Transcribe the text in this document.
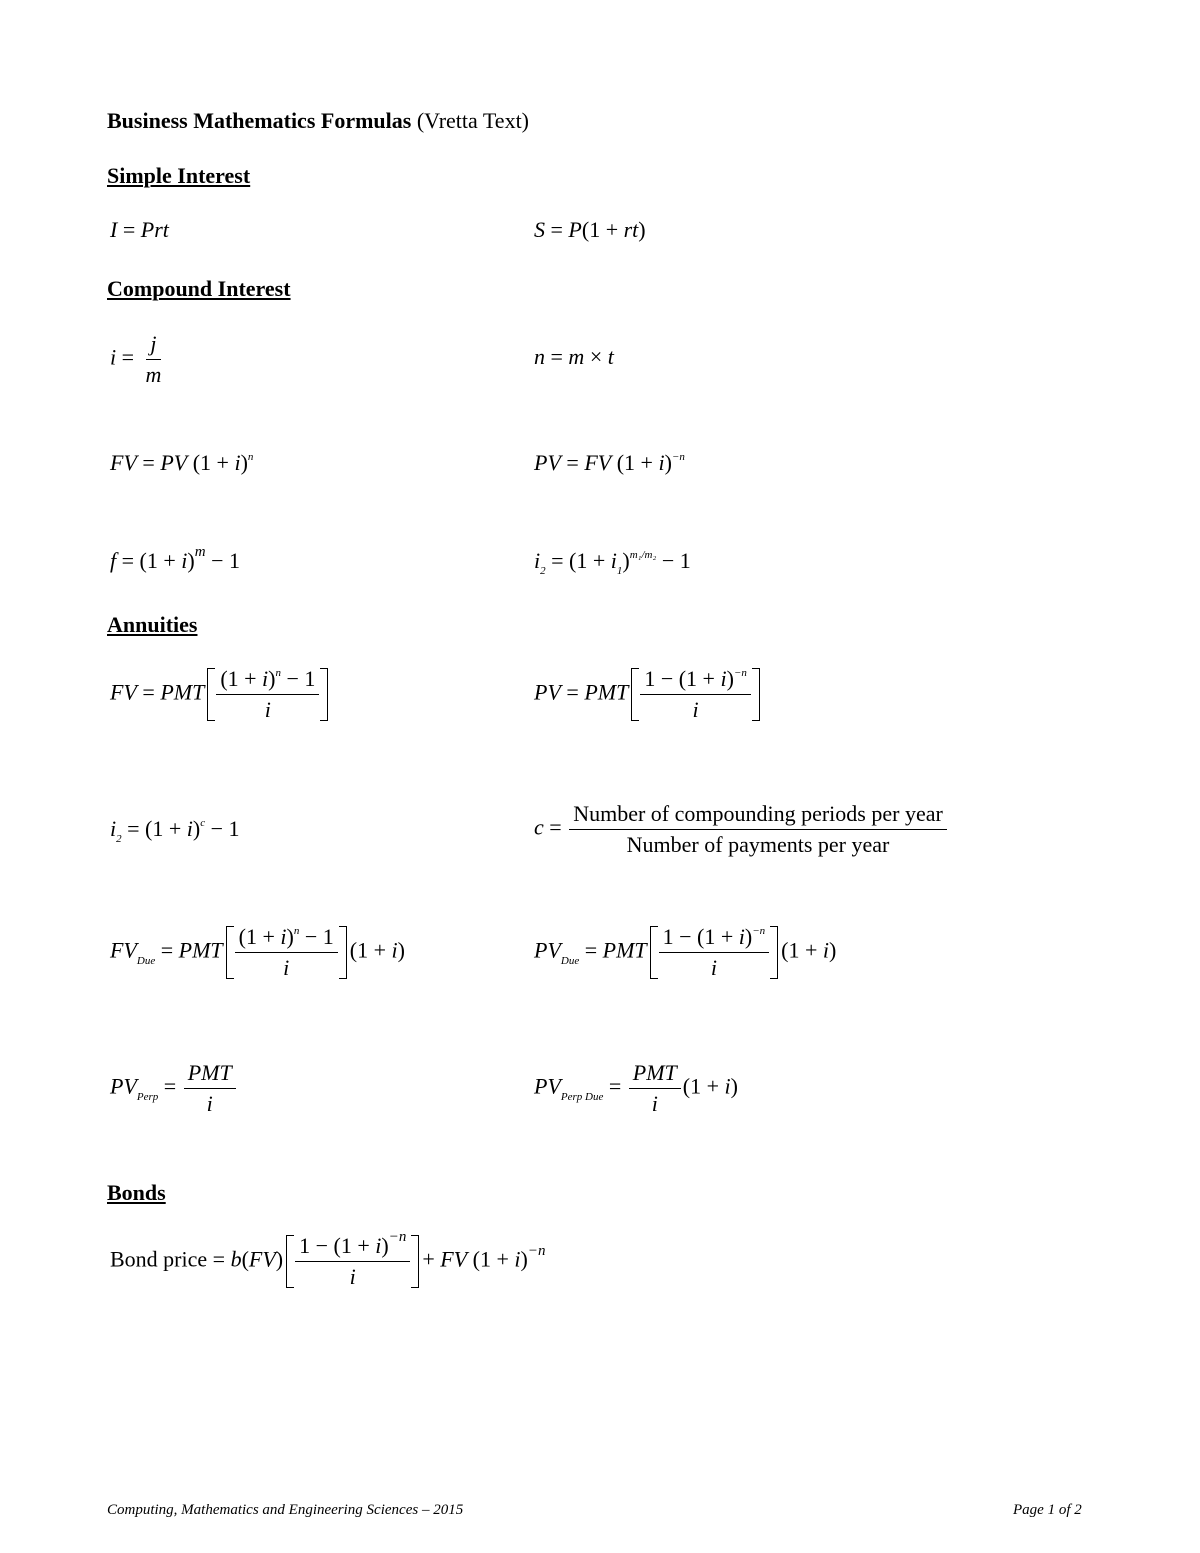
Business Mathematics Formulas (Vretta Text)
Simple Interest
I = Prt	S = P(1 + rt)
Compound Interest
$i = \frac{j}{m}$	n = m × t
FV = PV $(1 + i)^n$	PV = FV $(1 + i)^{-n}$
$f = (1 + i)^m - 1$	$i_2 = (1 + i_1)^{m_1/m_2} - 1$
Annuities
FV = PMT $\frac{(1 + i)^n - 1}{i}$	PV = PMT $\frac{1 - (1 + i)^{-n}}{i}$
$i_2 = (1 + i)^c - 1$	$c = \frac{\text{Number of compounding periods per year}}{\text{Number of payments per year}}$
$FV_{Due}$ = PMT $\frac{(1 + i)^n - 1}{i} (1 + i)$	$PV_{Due}$ = PMT $\frac{1 - (1 + i)^{-n}}{i} (1 + i)$
$PV_{Perp} = \frac{\text{PMT}}{i}$	$PV_{Perp Due} = \frac{\text{PMT}}{i} (1 + i)$
Bonds
Bond price = $b(FV) \frac{1 - (1 + i)^{-n}}{i}$ + FV $(1 + i)^{-n}$
Computing, Mathematics and Engineering Sciences – 2015	Page 1 of 2
